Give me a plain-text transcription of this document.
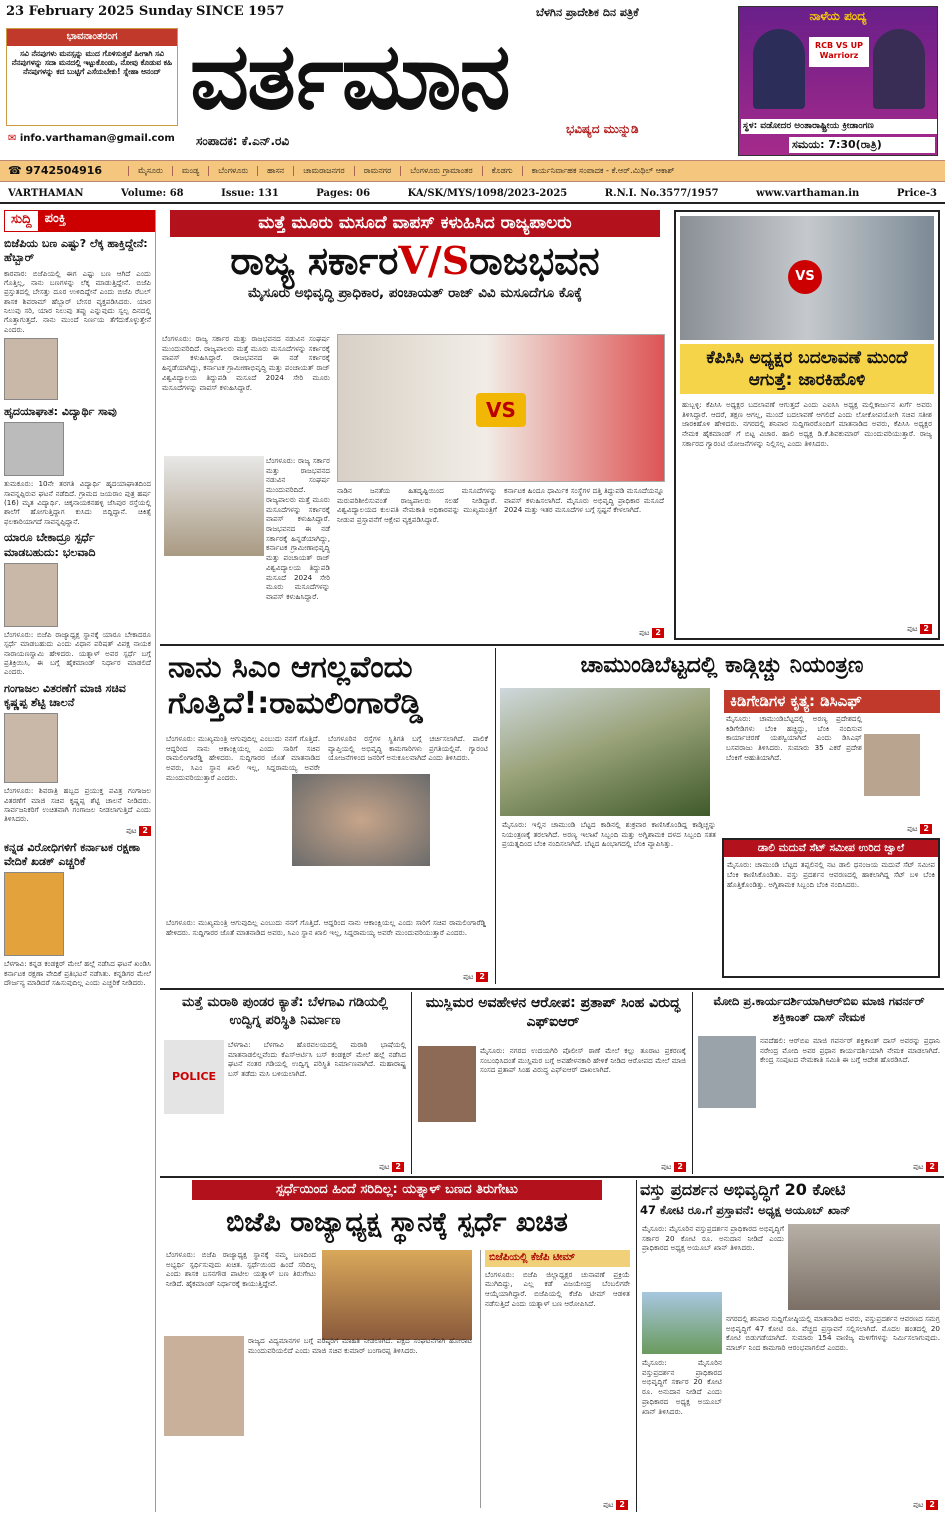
23 February 2025 Sunday SINCE 1957	ಬೆಳಗಿನ ಪ್ರಾದೇಶಿಕ ದಿನ ಪತ್ರಿಕೆ
ಭಾವನಾಂತರಂಗ

ಸವಿ ನೆನಪುಗಳು ಮನಸ್ಸನ್ನು ಮುದ ಗೊಳಿಸುತ್ತವೆ ಹೀಗಾಗಿ ಸವಿ ನೆನಪುಗಳನ್ನು ಸದಾ ಮನದಲ್ಲಿ ಇಟ್ಟುಕೊಂಡು, ನೋವು ಕೊಡುವ ಕಹಿ ನೆನಪುಗಳನ್ನು ಕದ ಬುಟ್ಟಿಗೆ ಎಸೆಯಬೇಕು! ಸ್ನೇಹಾ ಆನಂದ್

✉ info.varthaman@gmail.com
ವರ್ತಮಾನ
ಸಂಪಾದಕ: ಕೆ.ಎನ್.ರವಿ
ಭವಿಷ್ಯದ ಮುನ್ನುಡಿ
ನಾಳೆಯ ಪಂದ್ಯ
RCB VS UP Warriorz
ಸ್ಥಳ: ವಡೋದರ ಅಂತಾರಾಷ್ಟ್ರೀಯ ಕ್ರೀಡಾಂಗಣ
ಸಮಯ: 7:30(ರಾತ್ರಿ)
☎ 9742504916	ಮೈಸೂರು	ಮಂಡ್ಯ	ಬೆಂಗಳೂರು	ಹಾಸನ	ಚಾಮರಾಜನಗರ	ರಾಮನಗರ	ಬೆಂಗಳೂರು ಗ್ರಾಮಾಂತರ	ಕೊಡಗು	ಕಾರ್ಯನಿರ್ವಾಹಕ ಸಂಪಾದಕ - ಕೆ.ಆರ್.ಮಿಥಿಲ್ ಆಕಾಶ್
VARTHAMAN	Volume: 68	Issue: 131	Pages: 06	KA/SK/MYS/1098/2023-2025	R.N.I. No.3577/1957	www.varthaman.in	Price-3
ಸುದ್ದಿ	ಪಂಕ್ತಿ
ಬಿಜೆಪಿಯ ಬಣ ಎಷ್ಟು? ಲೆಕ್ಕ ಹಾಕ್ತಿದ್ದೇನೆ: ಹೆಬ್ಬಾರ್
ಕಾರವಾರ: ಬಿಜೆಪಿಯಲ್ಲಿ ಈಗ ಎಷ್ಟು ಬಣ ಆಗಿದೆ ಎಂದು ಗೊತ್ತಿಲ್ಲ, ನಾನು ಬಣಗಳನ್ನು ಲೆಕ್ಕ ಮಾಡುತ್ತಿದ್ದೇನೆ. ಬಿಜೆಪಿ ಪ್ರಸ್ತುತದಲ್ಲಿ ಬೇಸತ್ತು ದೂರ ಉಳಿದಿದ್ದೇನೆ ಎಂದು ಬಿಜೆಪಿ ರೆಬಲ್ ಶಾಸಕ ಶಿವರಾಮ್ ಹೆಬ್ಬಾರ್ ಬೇಸರ ವ್ಯಕ್ತಪಡಿಸಿದರು. ಯಾರ ನಿಲುವು ಸರಿ, ಯಾರ ನಿಲುವು ತಪ್ಪು ಎನ್ನುವುದು ಸ್ವಲ್ಪ ದಿನದಲ್ಲಿ ಗೊತ್ತಾಗುತ್ತದೆ. ನಾನು ಮುಂದೆ ನಿರ್ಣಯ ತೆಗೆದುಕೊಳ್ಳುತ್ತೇನೆ ಎಂದರು.
ಹೃದಯಾಘಾತ: ವಿದ್ಯಾರ್ಥಿ ಸಾವು
ತುಮಕೂರು: 10ನೇ ತರಗತಿ ವಿದ್ಯಾರ್ಥಿ ಹೃದಯಾಘಾತದಿಂದ ಸಾವನ್ನಪ್ಪಿರುವ ಘಟನೆ ನಡೆದಿದೆ. ಗ್ರಾಮದ ಜಯರಾಂ ಪುತ್ರ ಹರ್ಷ (16) ಮೃತ ವಿದ್ಯಾರ್ಥಿ. ಚಿಕ್ಕನಾಯಕನಹಳ್ಳಿ ಜೆಸಿಪುರ ರಸ್ತೆಯಲ್ಲಿ ಶಾಲೆಗೆ ಹೋಗುತ್ತಿದ್ದಾಗ ಕುಸಿದು ಬಿದ್ದಿದ್ದಾನೆ. ಚಿಕಿತ್ಸೆ ಫಲಕಾರಿಯಾಗದೆ ಸಾವನ್ನಪ್ಪಿದ್ದಾನೆ.
ಯಾರೂ ಬೇಕಾದ್ರೂ ಸ್ಪರ್ಧೆ ಮಾಡಬಹುದು: ಭಲವಾದಿ
ಬೆಂಗಳೂರು: ಬಿಜೆಪಿ ರಾಜ್ಯಾಧ್ಯಕ್ಷ ಸ್ಥಾನಕ್ಕೆ ಯಾರೂ ಬೇಕಾದರೂ ಸ್ಪರ್ಧೆ ಮಾಡಬಹುದು ಎಂದು ವಿಧಾನ ಪರಿಷತ್ ವಿಪಕ್ಷ ನಾಯಕ ನಾರಾಯಣಸ್ವಾಮಿ ಹೇಳಿದರು. ಯತ್ನಾಳ್ ಅವರ ಸ್ಪರ್ಧೆ ಬಗ್ಗೆ ಪ್ರತಿಕ್ರಿಯಿಸಿ, ಈ ಬಗ್ಗೆ ಹೈಕಮಾಂಡ್ ನಿರ್ಧಾರ ಮಾಡಲಿದೆ ಎಂದರು.
ಗಂಗಾಜಲ ವಿತರಣೆಗೆ ಮಾಜಿ ಸಚಿವ ಕೃಷ್ಣಪ್ಪ ಶೆಟ್ಟಿ ಚಾಲನೆ
ಬೆಂಗಳೂರು: ಶಿವರಾತ್ರಿ ಹಬ್ಬದ ಪ್ರಯುಕ್ತ ಪವಿತ್ರ ಗಂಗಾಜಲ ವಿತರಣೆಗೆ ಮಾಜಿ ಸಚಿವ ಕೃಷ್ಣಪ್ಪ ಶೆಟ್ಟಿ ಚಾಲನೆ ನೀಡಿದರು. ಸಾರ್ವಜನಿಕರಿಗೆ ಉಚಿತವಾಗಿ ಗಂಗಾಜಲ ನೀಡಲಾಗುತ್ತಿದೆ ಎಂದು ತಿಳಿಸಿದರು.
ಪುಟ 2
ಕನ್ನಡ ವಿರೋಧಿಗಳಿಗೆ ಕರ್ನಾಟಕ ರಕ್ಷಣಾ ವೇದಿಕೆ ಖಡಕ್ ಎಚ್ಚರಿಕೆ
ಬೆಳಗಾವಿ: ಕನ್ನಡ ಕಂಡಕ್ಟರ್ ಮೇಲೆ ಹಲ್ಲೆ ನಡೆಸಿದ ಘಟನೆ ಖಂಡಿಸಿ ಕರ್ನಾಟಕ ರಕ್ಷಣಾ ವೇದಿಕೆ ಪ್ರತಿಭಟನೆ ನಡೆಸಿತು. ಕನ್ನಡಿಗರ ಮೇಲೆ ದೌರ್ಜನ್ಯ ಮಾಡಿದರೆ ಸಹಿಸುವುದಿಲ್ಲ ಎಂದು ಎಚ್ಚರಿಕೆ ನೀಡಿದರು.
ಮತ್ತೆ ಮೂರು ಮಸೂದೆ ವಾಪಸ್ ಕಳುಹಿಸಿದ ರಾಜ್ಯಪಾಲರು
ರಾಜ್ಯ ಸರ್ಕಾರV/Sರಾಜಭವನ
ಮೈಸೂರು ಅಭಿವೃದ್ಧಿ ಪ್ರಾಧಿಕಾರ, ಪಂಚಾಯತ್ ರಾಜ್ ವಿವಿ ಮಸೂದೆಗೂ ಕೊಕ್ಕೆ
ಬೆಂಗಳೂರು: ರಾಜ್ಯ ಸರ್ಕಾರ ಮತ್ತು ರಾಜಭವನದ ನಡುವಿನ ಸಂಘರ್ಷ ಮುಂದುವರಿದಿದೆ. ರಾಜ್ಯಪಾಲರು ಮತ್ತೆ ಮೂರು ಮಸೂದೆಗಳನ್ನು ಸರ್ಕಾರಕ್ಕೆ ವಾಪಸ್ ಕಳುಹಿಸಿದ್ದಾರೆ. ರಾಜಭವನದ ಈ ನಡೆ ಸರ್ಕಾರಕ್ಕೆ ಹಿನ್ನಡೆಯಾಗಿದ್ದು, ಕರ್ನಾಟಕ ಗ್ರಾಮೀಣಾಭಿವೃದ್ಧಿ ಮತ್ತು ಪಂಚಾಯತ್ ರಾಜ್ ವಿಶ್ವವಿದ್ಯಾಲಯ ತಿದ್ದುಪಡಿ ಮಸೂದೆ 2024 ಸೇರಿ ಮೂರು ಮಸೂದೆಗಳನ್ನು ವಾಪಸ್ ಕಳುಹಿಸಿದ್ದಾರೆ.
ಬೆಂಗಳೂರು: ರಾಜ್ಯ ಸರ್ಕಾರ ಮತ್ತು ರಾಜಭವನದ ನಡುವಿನ ಸಂಘರ್ಷ ಮುಂದುವರಿದಿದೆ. ರಾಜ್ಯಪಾಲರು ಮತ್ತೆ ಮೂರು ಮಸೂದೆಗಳನ್ನು ಸರ್ಕಾರಕ್ಕೆ ವಾಪಸ್ ಕಳುಹಿಸಿದ್ದಾರೆ. ರಾಜಭವನದ ಈ ನಡೆ ಸರ್ಕಾರಕ್ಕೆ ಹಿನ್ನಡೆಯಾಗಿದ್ದು, ಕರ್ನಾಟಕ ಗ್ರಾಮೀಣಾಭಿವೃದ್ಧಿ ಮತ್ತು ಪಂಚಾಯತ್ ರಾಜ್ ವಿಶ್ವವಿದ್ಯಾಲಯ ತಿದ್ದುಪಡಿ ಮಸೂದೆ 2024 ಸೇರಿ ಮೂರು ಮಸೂದೆಗಳನ್ನು ವಾಪಸ್ ಕಳುಹಿಸಿದ್ದಾರೆ.
VS
ನಾಡಿನ ಜನತೆಯ ಹಿತದೃಷ್ಟಿಯಿಂದ ಮಸೂದೆಗಳನ್ನು ಮರುಪರಿಶೀಲಿಸುವಂತೆ ರಾಜ್ಯಪಾಲರು ಸಲಹೆ ನೀಡಿದ್ದಾರೆ. ವಿಶ್ವವಿದ್ಯಾಲಯದ ಕುಲಪತಿ ನೇಮಕಾತಿ ಅಧಿಕಾರವನ್ನು ಮುಖ್ಯಮಂತ್ರಿಗೆ ನೀಡುವ ಪ್ರಸ್ತಾವನೆಗೆ ಆಕ್ಷೇಪ ವ್ಯಕ್ತಪಡಿಸಿದ್ದಾರೆ.
ಕರ್ನಾಟಕ ಹಿಂದೂ ಧಾರ್ಮಿಕ ಸಂಸ್ಥೆಗಳ ದತ್ತಿ ತಿದ್ದುಪಡಿ ಮಸೂದೆಯನ್ನೂ ವಾಪಸ್ ಕಳುಹಿಸಲಾಗಿದೆ. ಮೈಸೂರು ಅಭಿವೃದ್ಧಿ ಪ್ರಾಧಿಕಾರ ಮಸೂದೆ 2024 ಮತ್ತು ಇತರ ಮಸೂದೆಗಳ ಬಗ್ಗೆ ಸ್ಪಷ್ಟನೆ ಕೇಳಲಾಗಿದೆ.
ಪುಟ 2
VS
ಕೆಪಿಸಿಸಿ ಅಧ್ಯಕ್ಷರ ಬದಲಾವಣೆ ಮುಂದೆ ಆಗುತ್ತೆ: ಜಾರಕಿಹೊಳಿ
ಹುಬ್ಬಳ್ಳಿ: ಕೆಪಿಸಿಸಿ ಅಧ್ಯಕ್ಷರ ಬದಲಾವಣೆ ಆಗುತ್ತದೆ ಎಂದು ಎಐಸಿಸಿ ಅಧ್ಯಕ್ಷ ಮಲ್ಲಿಕಾರ್ಜುನ ಖರ್ಗೆ ಅವರು ತಿಳಿಸಿದ್ದಾರೆ. ಆದರೆ, ತಕ್ಷಣ ಆಗಲ್ಲ, ಮುಂದೆ ಬದಲಾವಣೆ ಆಗಲಿದೆ ಎಂದು ಲೋಕೋಪಯೋಗಿ ಸಚಿವ ಸತೀಶ ಜಾರಕಿಹೊಳಿ ಹೇಳಿದರು. ನಗರದಲ್ಲಿ ಶನಿವಾರ ಸುದ್ದಿಗಾರರೊಂದಿಗೆ ಮಾತನಾಡಿದ ಅವರು, ಕೆಪಿಸಿಸಿ ಅಧ್ಯಕ್ಷರ ನೇಮಕ ಹೈಕಮಾಂಡ್ ಗೆ ಬಿಟ್ಟ ವಿಚಾರ. ಹಾಲಿ ಅಧ್ಯಕ್ಷ ಡಿ.ಕೆ.ಶಿವಕುಮಾರ್ ಮುಂದುವರಿಯುತ್ತಾರೆ. ರಾಜ್ಯ ಸರ್ಕಾರದ ಗ್ಯಾರಂಟಿ ಯೋಜನೆಗಳನ್ನು ನಿಲ್ಲಿಸಲ್ಲ ಎಂದು ತಿಳಿಸಿದರು.
ಪುಟ 2
ನಾನು ಸಿಎಂ ಆಗಲ್ಲವೆಂದು ಗೊತ್ತಿದೆ!:ರಾಮಲಿಂಗಾರೆಡ್ಡಿ
ಬೆಂಗಳೂರು: ಮುಖ್ಯಮಂತ್ರಿ ಆಗುವುದಿಲ್ಲ ಎಂಬುದು ನನಗೆ ಗೊತ್ತಿದೆ. ಆದ್ದರಿಂದ ನಾನು ಆಕಾಂಕ್ಷಿಯಲ್ಲ ಎಂದು ಸಾರಿಗೆ ಸಚಿವ ರಾಮಲಿಂಗಾರೆಡ್ಡಿ ಹೇಳಿದರು. ಸುದ್ದಿಗಾರರ ಜೊತೆ ಮಾತನಾಡಿದ ಅವರು, ಸಿಎಂ ಸ್ಥಾನ ಖಾಲಿ ಇಲ್ಲ, ಸಿದ್ದರಾಮಯ್ಯ ಅವರೇ ಮುಂದುವರಿಯುತ್ತಾರೆ ಎಂದರು.
ಬೆಂಗಳೂರಿನ ರಸ್ತೆಗಳ ಸ್ಥಿತಿಗತಿ ಬಗ್ಗೆ ಚರ್ಚಿಸಲಾಗಿದೆ. ಪಾಲಿಕೆ ವ್ಯಾಪ್ತಿಯಲ್ಲಿ ಅಭಿವೃದ್ಧಿ ಕಾಮಗಾರಿಗಳು ಪ್ರಗತಿಯಲ್ಲಿವೆ. ಗ್ಯಾರಂಟಿ ಯೋಜನೆಗಳಿಂದ ಜನರಿಗೆ ಅನುಕೂಲವಾಗಿದೆ ಎಂದು ತಿಳಿಸಿದರು.
ಬೆಂಗಳೂರು: ಮುಖ್ಯಮಂತ್ರಿ ಆಗುವುದಿಲ್ಲ ಎಂಬುದು ನನಗೆ ಗೊತ್ತಿದೆ. ಆದ್ದರಿಂದ ನಾನು ಆಕಾಂಕ್ಷಿಯಲ್ಲ ಎಂದು ಸಾರಿಗೆ ಸಚಿವ ರಾಮಲಿಂಗಾರೆಡ್ಡಿ ಹೇಳಿದರು. ಸುದ್ದಿಗಾರರ ಜೊತೆ ಮಾತನಾಡಿದ ಅವರು, ಸಿಎಂ ಸ್ಥಾನ ಖಾಲಿ ಇಲ್ಲ, ಸಿದ್ದರಾಮಯ್ಯ ಅವರೇ ಮುಂದುವರಿಯುತ್ತಾರೆ ಎಂದರು.
ಪುಟ 2
ಚಾಮುಂಡಿಬೆಟ್ಟದಲ್ಲಿ ಕಾಡ್ಗಿಚ್ಚು ನಿಯಂತ್ರಣ
ಕಿಡಿಗೇಡಿಗಳ ಕೃತ್ಯ: ಡಿಸಿಎಫ್
ಮೈಸೂರು: ಚಾಮುಂಡಿಬೆಟ್ಟದಲ್ಲಿ ಅರಣ್ಯ ಪ್ರದೇಶದಲ್ಲಿ ಕಿಡಿಗೇಡಿಗಳು ಬೆಂಕಿ ಹಚ್ಚಿದ್ದು, ಬೆಂಕಿ ನಂದಿಸುವ ಕಾರ್ಯಾಚರಣೆ ಯಶಸ್ವಿಯಾಗಿದೆ ಎಂದು ಡಿಸಿಎಫ್ ಬಸವರಾಜು ತಿಳಿಸಿದರು. ಸುಮಾರು 35 ಎಕರೆ ಪ್ರದೇಶ ಬೆಂಕಿಗೆ ಆಹುತಿಯಾಗಿದೆ.
ಮೈಸೂರು: ಇಲ್ಲಿನ ಚಾಮುಂಡಿ ಬೆಟ್ಟದ ಕಾಡಿನಲ್ಲಿ ಶುಕ್ರವಾರ ಕಾಣಿಸಿಕೊಂಡಿದ್ದ ಕಾಡ್ಗಿಚ್ಚನ್ನು ನಿಯಂತ್ರಣಕ್ಕೆ ತರಲಾಗಿದೆ. ಅರಣ್ಯ ಇಲಾಖೆ ಸಿಬ್ಬಂದಿ ಮತ್ತು ಅಗ್ನಿಶಾಮಕ ದಳದ ಸಿಬ್ಬಂದಿ ಸತತ ಪ್ರಯತ್ನದಿಂದ ಬೆಂಕಿ ನಂದಿಸಲಾಗಿದೆ. ಬೆಟ್ಟದ ಹಿಂಭಾಗದಲ್ಲಿ ಬೆಂಕಿ ವ್ಯಾಪಿಸಿತ್ತು.
ಪುಟ 2
ಡಾಲಿ ಮದುವೆ ಸೆಟ್ ಸಮೀಪ ಉರಿದ ಜ್ವಾಲೆ
ಮೈಸೂರು: ಚಾಮುಂಡಿ ಬೆಟ್ಟದ ತಪ್ಪಲಿನಲ್ಲಿ ನಟ ಡಾಲಿ ಧನಂಜಯ ಮದುವೆ ಸೆಟ್ ಸಮೀಪ ಬೆಂಕಿ ಕಾಣಿಸಿಕೊಂಡಿತು. ವಸ್ತು ಪ್ರದರ್ಶನ ಆವರಣದಲ್ಲಿ ಹಾಕಲಾಗಿದ್ದ ಸೆಟ್ ಬಳಿ ಬೆಂಕಿ ಹೊತ್ತಿಕೊಂಡಿತ್ತು. ಅಗ್ನಿಶಾಮಕ ಸಿಬ್ಬಂದಿ ಬೆಂಕಿ ನಂದಿಸಿದರು.
ಮತ್ತೆ ಮರಾಠಿ ಪುಂಡರ ಕ್ಯಾತೆ: ಬೆಳಗಾವಿ ಗಡಿಯಲ್ಲಿ ಉದ್ವಿಗ್ನ ಪರಿಸ್ಥಿತಿ ನಿರ್ಮಾಣ
POLICE
ಬೆಳಗಾವಿ: ಬೆಳಗಾವಿ ಹೊರವಲಯದಲ್ಲಿ ಮರಾಠಿ ಭಾಷೆಯಲ್ಲಿ ಮಾತನಾಡಲಿಲ್ಲವೆಂದು ಕೆಎಸ್ಆರ್ಟಿಸಿ ಬಸ್ ಕಂಡಕ್ಟರ್ ಮೇಲೆ ಹಲ್ಲೆ ನಡೆಸಿದ ಘಟನೆ ನಂತರ ಗಡಿಯಲ್ಲಿ ಉದ್ವಿಗ್ನ ಪರಿಸ್ಥಿತಿ ನಿರ್ಮಾಣವಾಗಿದೆ. ಮಹಾರಾಷ್ಟ್ರ ಬಸ್ ತಡೆದು ಮಸಿ ಬಳಿಯಲಾಗಿದೆ.
ಪುಟ 2
ಮುಸ್ಲಿಮರ ಅವಹೇಳನ ಆರೋಪ: ಪ್ರತಾಪ್ ಸಿಂಹ ವಿರುದ್ಧ ಎಫ್ಐಆರ್
ಮೈಸೂರು: ನಗರದ ಉದಯಗಿರಿ ಪೊಲೀಸ್ ಠಾಣೆ ಮೇಲೆ ಕಲ್ಲು ತೂರಾಟ ಪ್ರಕರಣಕ್ಕೆ ಸಂಬಂಧಿಸಿದಂತೆ ಮುಸ್ಲಿಮರ ಬಗ್ಗೆ ಅವಹೇಳನಕಾರಿ ಹೇಳಿಕೆ ನೀಡಿದ ಆರೋಪದ ಮೇಲೆ ಮಾಜಿ ಸಂಸದ ಪ್ರತಾಪ್ ಸಿಂಹ ವಿರುದ್ಧ ಎಫ್ಐಆರ್ ದಾಖಲಾಗಿದೆ.
ಪುಟ 2
ಮೋದಿ ಪ್ರ.ಕಾರ್ಯದರ್ಶಿಯಾಗಿಆರ್‌ಬಿಐ ಮಾಜಿ ಗವರ್ನರ್ ಶಕ್ತಿಕಾಂತ್ ದಾಸ್ ನೇಮಕ
ನವದೆಹಲಿ: ಆರ್‌ಬಿಐ ಮಾಜಿ ಗವರ್ನರ್ ಶಕ್ತಿಕಾಂತ್ ದಾಸ್ ಅವರನ್ನು ಪ್ರಧಾನಿ ನರೇಂದ್ರ ಮೋದಿ ಅವರ ಪ್ರಧಾನ ಕಾರ್ಯದರ್ಶಿಯಾಗಿ ನೇಮಕ ಮಾಡಲಾಗಿದೆ. ಕೇಂದ್ರ ಸಂಪುಟದ ನೇಮಕಾತಿ ಸಮಿತಿ ಈ ಬಗ್ಗೆ ಆದೇಶ ಹೊರಡಿಸಿದೆ.
ಪುಟ 2
ಸ್ಪರ್ಧೆಯಿಂದ ಹಿಂದೆ ಸರಿದಿಲ್ಲ: ಯತ್ನಾಳ್ ಬಣದ ತಿರುಗೇಟು
ಬಿಜೆಪಿ ರಾಜ್ಯಾಧ್ಯಕ್ಷ ಸ್ಥಾನಕ್ಕೆ ಸ್ಪರ್ಧೆ ಖಚಿತ
ಬೆಂಗಳೂರು: ಬಿಜೆಪಿ ರಾಜ್ಯಾಧ್ಯಕ್ಷ ಸ್ಥಾನಕ್ಕೆ ನಮ್ಮ ಬಣದಿಂದ ಅಭ್ಯರ್ಥಿ ಸ್ಪರ್ಧಿಸುವುದು ಖಚಿತ. ಸ್ಪರ್ಧೆಯಿಂದ ಹಿಂದೆ ಸರಿದಿಲ್ಲ ಎಂದು ಶಾಸಕ ಬಸನಗೌಡ ಪಾಟೀಲ ಯತ್ನಾಳ್ ಬಣ ತಿರುಗೇಟು ನೀಡಿದೆ. ಹೈಕಮಾಂಡ್ ನಿರ್ಧಾರಕ್ಕೆ ಕಾಯುತ್ತಿದ್ದೇವೆ.
ರಾಜ್ಯದ ವಿದ್ಯಮಾನಗಳ ಬಗ್ಗೆ ವರಿಷ್ಠರಿಗೆ ಮಾಹಿತಿ ನೀಡಲಾಗಿದೆ. ಪಕ್ಷದ ಸಂಘಟನೆಗಾಗಿ ಹೋರಾಟ ಮುಂದುವರಿಯಲಿದೆ ಎಂದು ಮಾಜಿ ಸಚಿವ ಕುಮಾರ್ ಬಂಗಾರಪ್ಪ ತಿಳಿಸಿದರು.
ಬಿಜೆಪಿಯಲ್ಲಿ ಕೆಜೆಪಿ ಟೀಮ್
ಬೆಂಗಳೂರು: ಬಿಜೆಪಿ ಜಿಲ್ಲಾಧ್ಯಕ್ಷರ ಚುನಾವಣೆ ಪ್ರಕ್ರಿಯೆ ಮುಗಿದಿದ್ದು, ಎಲ್ಲ ಕಡೆ ವಿಜಯೇಂದ್ರ ಬೆಂಬಲಿಗರೇ ಆಯ್ಕೆಯಾಗಿದ್ದಾರೆ. ಬಿಜೆಪಿಯಲ್ಲಿ ಕೆಜೆಪಿ ಟೀಮ್ ಆಡಳಿತ ನಡೆಸುತ್ತಿದೆ ಎಂದು ಯತ್ನಾಳ್ ಬಣ ಆರೋಪಿಸಿದೆ.
ಪುಟ 2
ವಸ್ತು ಪ್ರದರ್ಶನ ಅಭಿವೃದ್ಧಿಗೆ 20 ಕೋಟಿ
47 ಕೋಟಿ ರೂ.ಗೆ ಪ್ರಸ್ತಾವನೆ: ಅಧ್ಯಕ್ಷ ಅಯೂಬ್ ಖಾನ್
ಮೈಸೂರು: ಮೈಸೂರಿನ ವಸ್ತುಪ್ರದರ್ಶನ ಪ್ರಾಧಿಕಾರದ ಅಭಿವೃದ್ಧಿಗೆ ಸರ್ಕಾರ 20 ಕೋಟಿ ರೂ. ಅನುದಾನ ನೀಡಿದೆ ಎಂದು ಪ್ರಾಧಿಕಾರದ ಅಧ್ಯಕ್ಷ ಅಯೂಬ್ ಖಾನ್ ತಿಳಿಸಿದರು.
ನಗರದಲ್ಲಿ ಶನಿವಾರ ಸುದ್ದಿಗೋಷ್ಠಿಯಲ್ಲಿ ಮಾತನಾಡಿದ ಅವರು, ವಸ್ತುಪ್ರದರ್ಶನ ಆವರಣದ ಸಮಗ್ರ ಅಭಿವೃದ್ಧಿಗೆ 47 ಕೋಟಿ ರೂ. ವೆಚ್ಚದ ಪ್ರಸ್ತಾವನೆ ಸಲ್ಲಿಸಲಾಗಿದೆ. ಮೊದಲ ಹಂತದಲ್ಲಿ 20 ಕೋಟಿ ಬಿಡುಗಡೆಯಾಗಿದೆ. ಸುಮಾರು 154 ವಾಣಿಜ್ಯ ಮಳಿಗೆಗಳನ್ನು ನಿರ್ಮಿಸಲಾಗುವುದು. ಮಾರ್ಚ್ ನಿಂದ ಕಾಮಗಾರಿ ಆರಂಭವಾಗಲಿದೆ ಎಂದರು.
ಮೈಸೂರು: ಮೈಸೂರಿನ ವಸ್ತುಪ್ರದರ್ಶನ ಪ್ರಾಧಿಕಾರದ ಅಭಿವೃದ್ಧಿಗೆ ಸರ್ಕಾರ 20 ಕೋಟಿ ರೂ. ಅನುದಾನ ನೀಡಿದೆ ಎಂದು ಪ್ರಾಧಿಕಾರದ ಅಧ್ಯಕ್ಷ ಅಯೂಬ್ ಖಾನ್ ತಿಳಿಸಿದರು.
ಪುಟ 2
